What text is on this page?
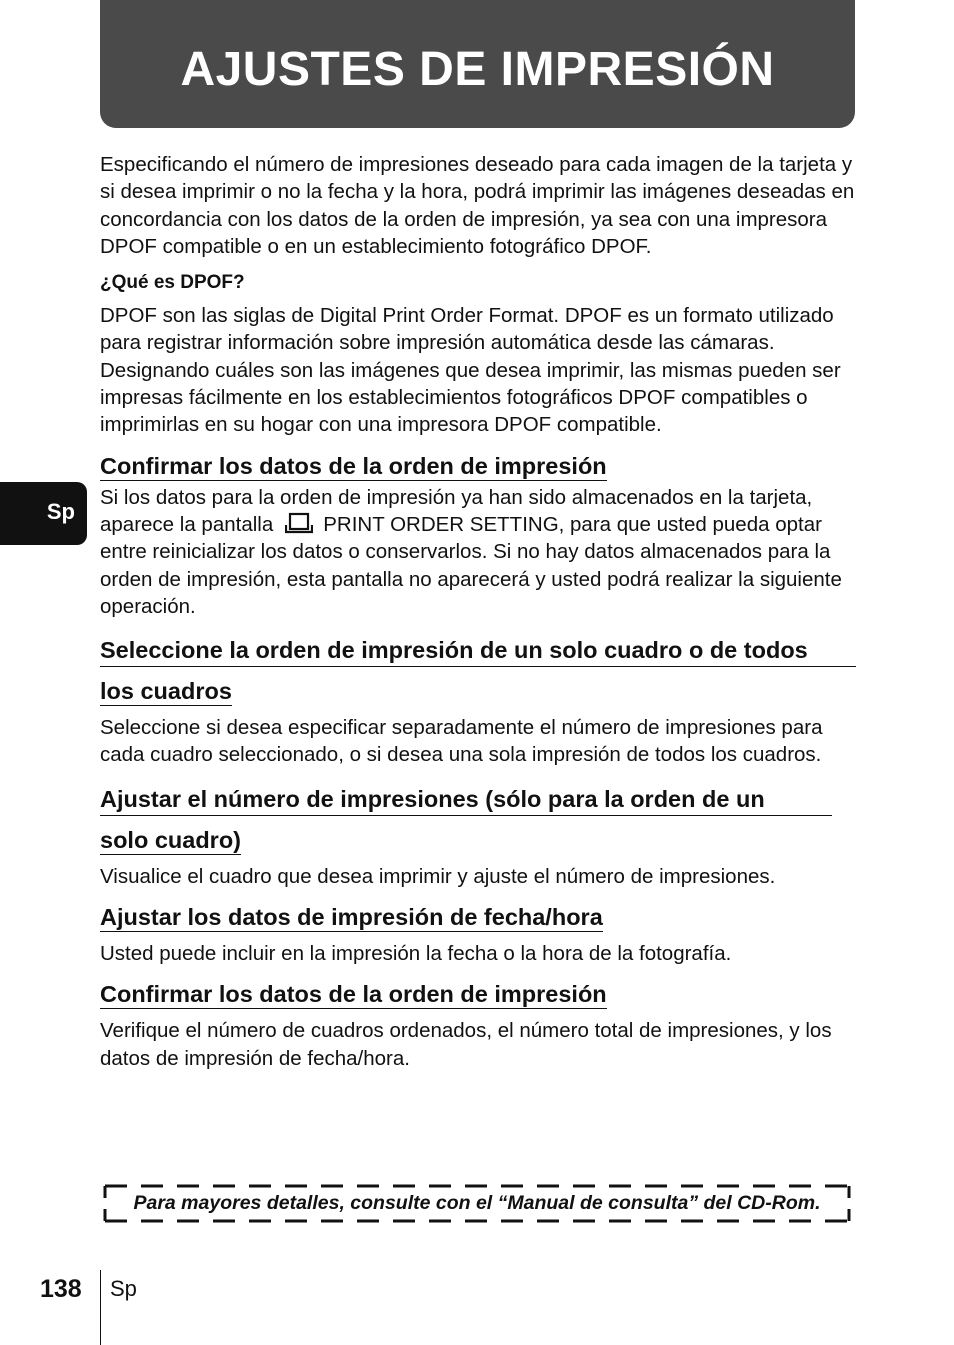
AJUSTES DE IMPRESIÓN
Sp

Especificando el número de impresiones deseado para cada imagen de la tarjeta y si desea imprimir o no la fecha y la hora, podrá imprimir las imágenes deseadas en concordancia con los datos de la orden de impresión, ya sea con una impresora DPOF compatible o en un establecimiento fotográfico DPOF.

¿Qué es DPOF?

DPOF son las siglas de Digital Print Order Format. DPOF es un formato utilizado para registrar información sobre impresión automática desde las cámaras.

Designando cuáles son las imágenes que desea imprimir, las mismas pueden ser impresas fácilmente en los establecimientos fotográficos DPOF compatibles o imprimirlas en su hogar con una impresora DPOF compatible.

Confirmar los datos de la orden de impresión

Si los datos para la orden de impresión ya han sido almacenados en la tarjeta, aparece la pantalla PRINT ORDER SETTING, para que usted pueda optar entre reinicializar los datos o conservarlos. Si no hay datos almacenados para la orden de impresión, esta pantalla no aparecerá y usted podrá realizar la siguiente operación.

Seleccione la orden de impresión de un solo cuadro o de todos
los cuadros

Seleccione si desea especificar separadamente el número de impresiones para cada cuadro seleccionado, o si desea una sola impresión de todos los cuadros.

Ajustar el número de impresiones (sólo para la orden de un
solo cuadro)

Visualice el cuadro que desea imprimir y ajuste el número de impresiones.

Ajustar los datos de impresión de fecha/hora

Usted puede incluir en la impresión la fecha o la hora de la fotografía.

Confirmar los datos de la orden de impresión

Verifique el número de cuadros ordenados, el número total de impresiones, y los datos de impresión de fecha/hora.

Para mayores detalles, consulte con el “Manual de consulta” del CD-Rom.
138 Sp
